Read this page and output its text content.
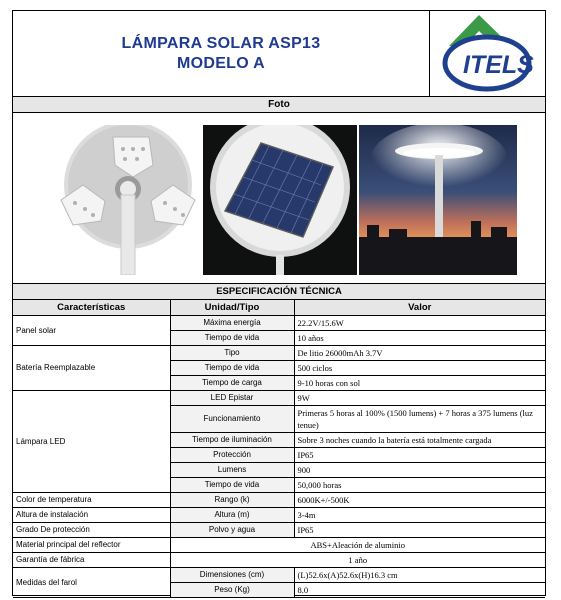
LÁMPARA SOLAR ASP13
MODELO A	ITELS
Foto
ESPECIFICACIÓN TÉCNICA
Características	Unidad/Tipo	Valor
Panel solar	Máxima energía	22.2V/15.6W
	Tiempo de vida	10 años
Batería Reemplazable	Tipo	De litio 26000mAh 3.7V
	Tiempo de vida	500 ciclos
	Tiempo de carga	9-10 horas con sol
Lámpara LED	LED Epistar	9W
	Funcionamiento	Primeras 5 horas al 100% (1500 lumens) + 7 horas a 375 lumens (luz tenue)
	Tiempo de iluminación	Sobre 3 noches cuando la batería está totalmente cargada
	Protección	IP65
	Lumens	900
	Tiempo de vida	50,000 horas
Color de temperatura	Rango (k)	6000K+/-500K
Altura de instalación	Altura (m)	3-4m
Grado De protección	Polvo y agua	IP65
Material principal del reflector	ABS+Aleación de aluminio	
Garantía de fábrica	1 año	
Medidas del farol	Dimensiones (cm)	(L)52.6x(A)52.6x(H)16.3 cm
	Peso (Kg)	8.0
